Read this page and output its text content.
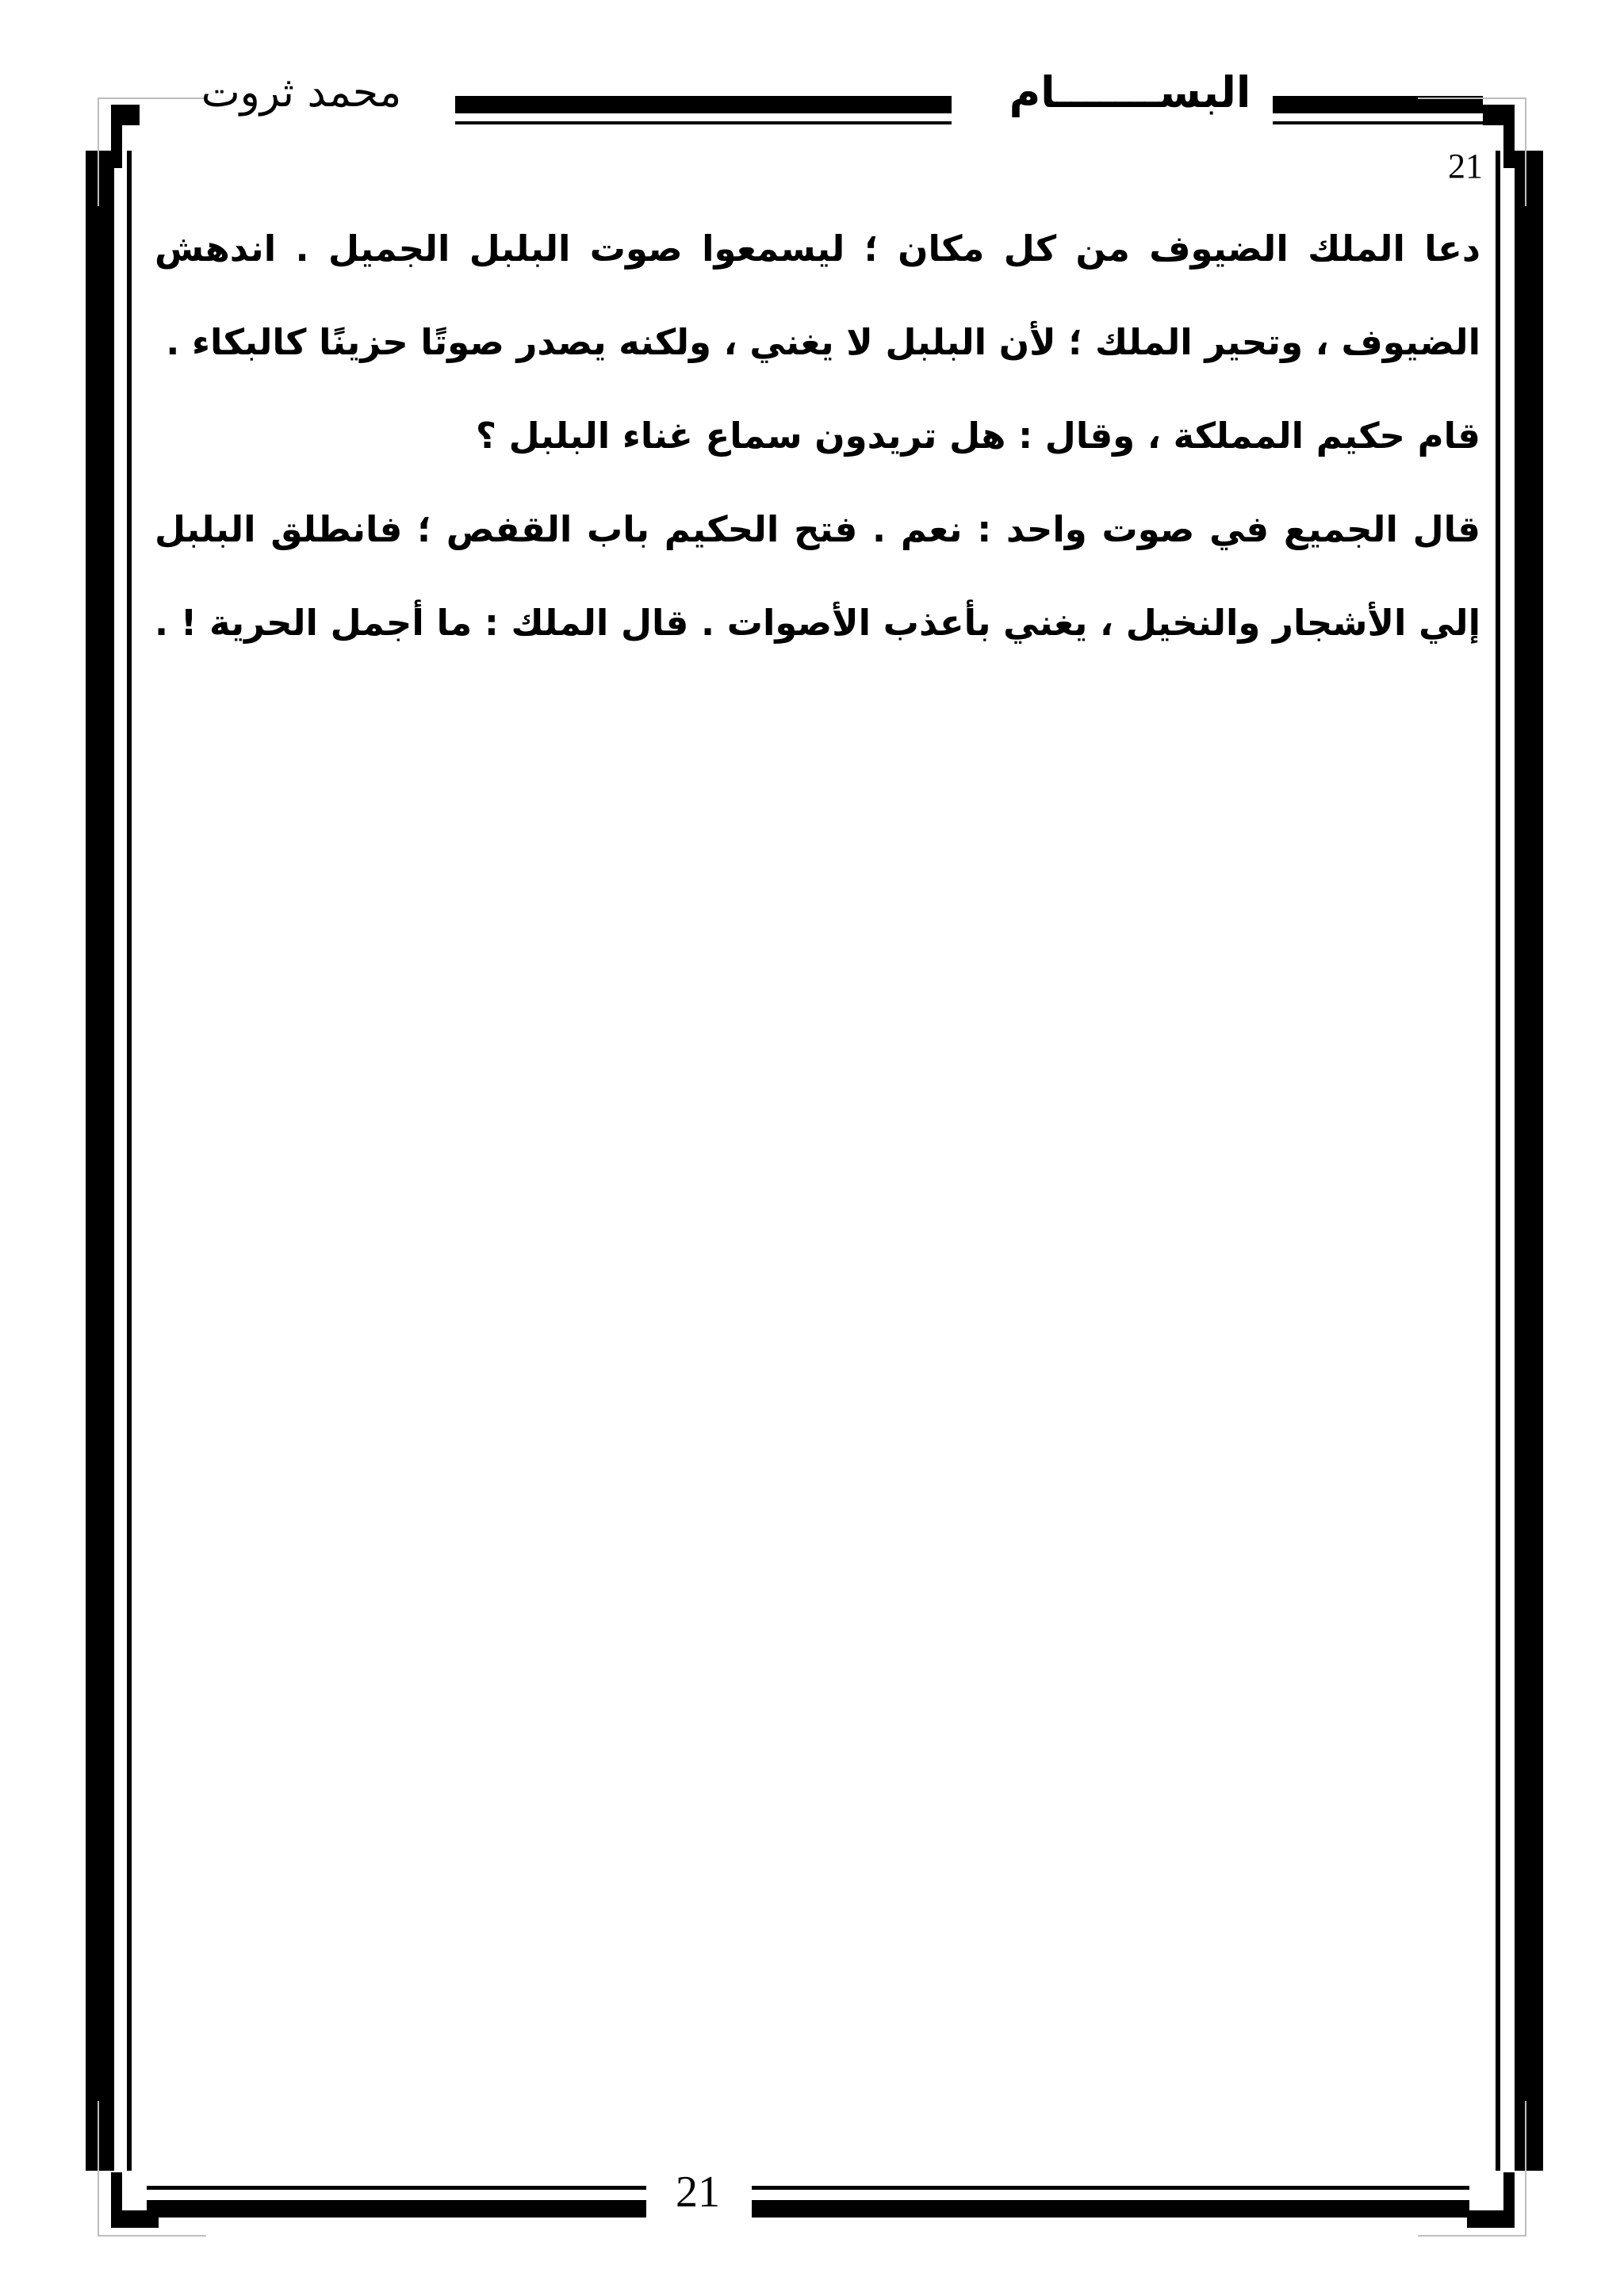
البســـــــام
محمد ثروت
21

دعا الملك الضيوف من كل مكان ؛ ليسمعوا صوت البلبل الجميل . اندهش الضيوف ، وتحير الملك ؛ لأن البلبل لا يغني ، ولكنه يصدر صوتًا حزينًا كالبكاء .

قام حكيم المملكة ، وقال : هل تريدون سماع غناء البلبل ؟

قال الجميع في صوت واحد : نعم . فتح الحكيم باب القفص ؛ فانطلق البلبل إلي الأشجار والنخيل ، يغني بأعذب الأصوات . قال الملك : ما أجمل الحرية ! .

21
